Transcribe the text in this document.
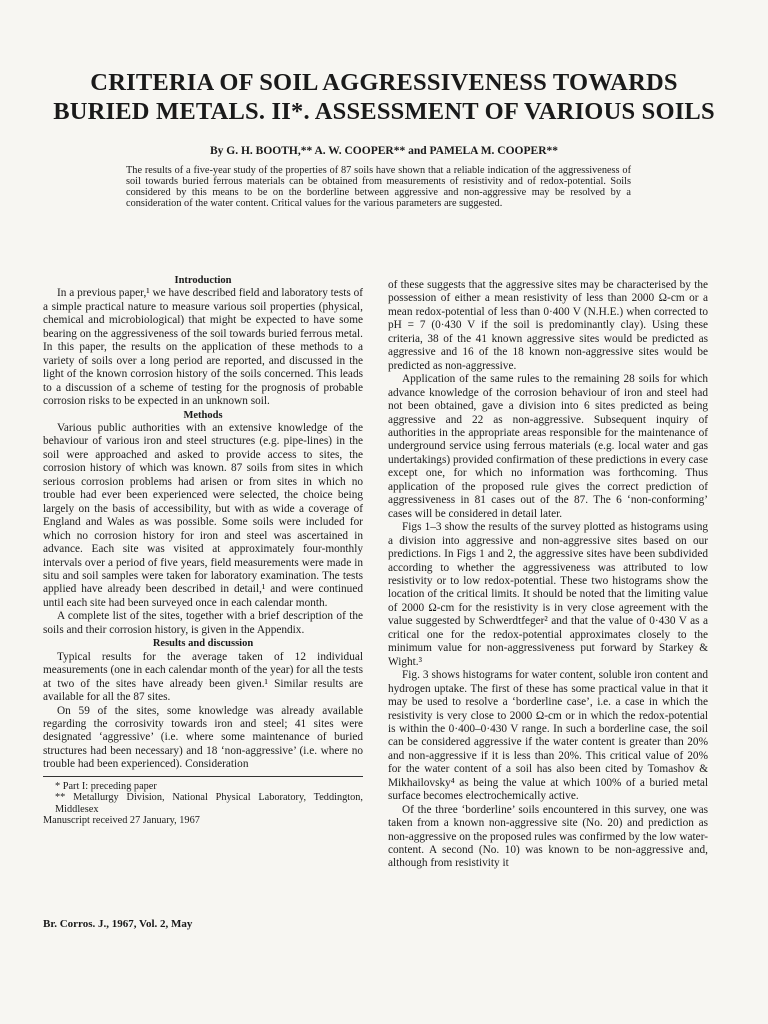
CRITERIA OF SOIL AGGRESSIVENESS TOWARDS
BURIED METALS. II*. ASSESSMENT OF VARIOUS SOILS

By G. H. BOOTH,** A. W. COOPER** and PAMELA M. COOPER**

The results of a five-year study of the properties of 87 soils have shown that a reliable indication of the aggressiveness of soil towards buried ferrous materials can be obtained from measurements of resistivity and of redox-potential. Soils considered by this means to be on the borderline between aggressive and non-aggressive may be resolved by a consideration of the water content. Critical values for the various parameters are suggested.

Introduction

In a previous paper,¹ we have described field and laboratory tests of a simple practical nature to measure various soil properties (physical, chemical and microbiological) that might be expected to have some bearing on the aggressiveness of the soil towards buried ferrous metal. In this paper, the results on the application of these methods to a variety of soils over a long period are reported, and discussed in the light of the known corrosion history of the soils concerned. This leads to a discussion of a scheme of testing for the prognosis of probable corrosion risks to be expected in an unknown soil.

Methods

Various public authorities with an extensive knowledge of the behaviour of various iron and steel structures (e.g. pipe-lines) in the soil were approached and asked to provide access to sites, the corrosion history of which was known. 87 soils from sites in which serious corrosion problems had arisen or from sites in which no trouble had ever been experienced were selected, the choice being largely on the basis of accessibility, but with as wide a coverage of England and Wales as was possible. Some soils were included for which no corrosion history for iron and steel was ascertained in advance. Each site was visited at approximately four-monthly intervals over a period of five years, field measurements were made in situ and soil samples were taken for laboratory examination. The tests applied have already been described in detail,¹ and were continued until each site had been surveyed once in each calendar month.

A complete list of the sites, together with a brief description of the soils and their corrosion history, is given in the Appendix.

Results and discussion

Typical results for the average taken of 12 individual measurements (one in each calendar month of the year) for all the tests at two of the sites have already been given.¹ Similar results are available for all the 87 sites.

On 59 of the sites, some knowledge was already available regarding the corrosivity towards iron and steel; 41 sites were designated ‘aggressive’ (i.e. where some maintenance of buried structures had been necessary) and 18 ‘non-aggressive’ (i.e. where no trouble had been experienced). Consideration

* Part I: preceding paper
** Metallurgy Division, National Physical Laboratory, Teddington, Middlesex
Manuscript received 27 January, 1967
Br. Corros. J., 1967, Vol. 2, May

of these suggests that the aggressive sites may be characterised by the possession of either a mean resistivity of less than 2000 Ω-cm or a mean redox-potential of less than 0·400 V (N.H.E.) when corrected to pH = 7 (0·430 V if the soil is predominantly clay). Using these criteria, 38 of the 41 known aggressive sites would be predicted as aggressive and 16 of the 18 known non-aggressive sites would be predicted as non-aggressive.

Application of the same rules to the remaining 28 soils for which advance knowledge of the corrosion behaviour of iron and steel had not been obtained, gave a division into 6 sites predicted as being aggressive and 22 as non-aggressive. Subsequent inquiry of authorities in the appropriate areas responsible for the maintenance of underground service using ferrous materials (e.g. local water and gas undertakings) provided confirmation of these predictions in every case except one, for which no information was forthcoming. Thus application of the proposed rule gives the correct prediction of aggressiveness in 81 cases out of the 87. The 6 ‘non-conforming’ cases will be considered in detail later.

Figs 1–3 show the results of the survey plotted as histograms using a division into aggressive and non-aggressive sites based on our predictions. In Figs 1 and 2, the aggressive sites have been subdivided according to whether the aggressiveness was attributed to low resistivity or to low redox-potential. These two histograms show the location of the critical limits. It should be noted that the limiting value of 2000 Ω-cm for the resistivity is in very close agreement with the value suggested by Schwerdtfeger² and that the value of 0·430 V as a critical one for the redox-potential approximates closely to the minimum value for non-aggressiveness put forward by Starkey & Wight.³

Fig. 3 shows histograms for water content, soluble iron content and hydrogen uptake. The first of these has some practical value in that it may be used to resolve a ‘borderline case’, i.e. a case in which the resistivity is very close to 2000 Ω-cm or in which the redox-potential is within the 0·400–0·430 V range. In such a borderline case, the soil can be considered aggressive if the water content is greater than 20% and non-aggressive if it is less than 20%. This critical value of 20% for the water content of a soil has also been cited by Tomashov & Mikhailovsky⁴ as being the value at which 100% of a buried metal surface becomes electrochemically active.

Of the three ‘borderline’ soils encountered in this survey, one was taken from a known non-aggressive site (No. 20) and prediction as non-aggressive on the proposed rules was confirmed by the low water-content. A second (No. 10) was known to be non-aggressive and, although from resistivity it
